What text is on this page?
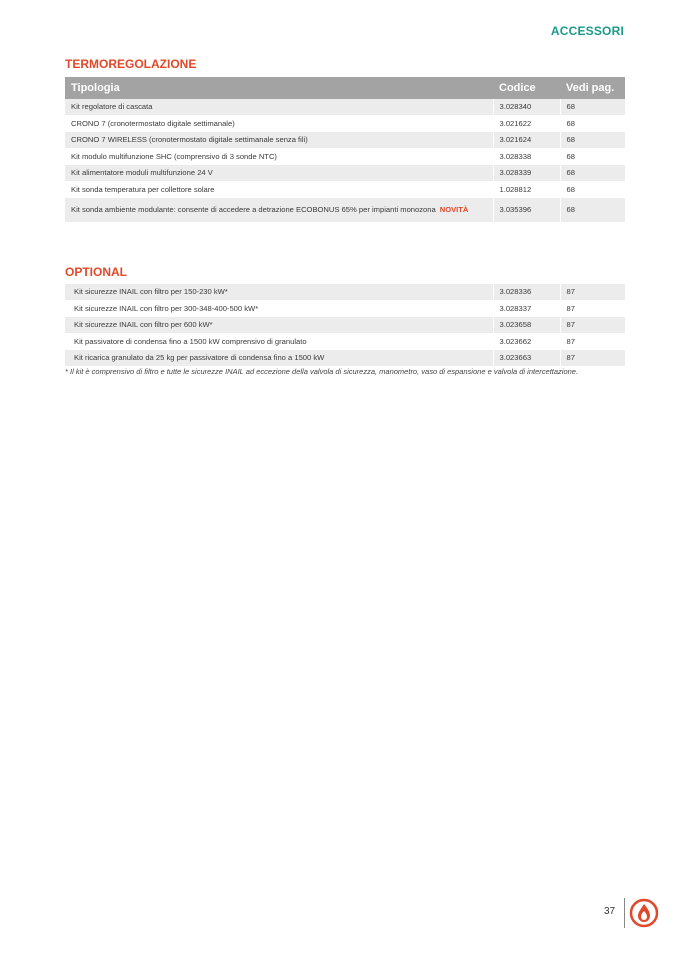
ACCESSORI
TERMOREGOLAZIONE
Tipologia	Codice	Vedi pag.
Kit regolatore di cascata	3.028340	68
CRONO 7 (cronotermostato digitale settimanale)	3.021622	68
CRONO 7 WIRELESS (cronotermostato digitale settimanale senza fili)	3.021624	68
Kit modulo multifunzione SHC (comprensivo di 3 sonde NTC)	3.028338	68
Kit alimentatore moduli multifunzione 24 V	3.028339	68
Kit sonda temperatura per collettore solare	1.028812	68
Kit sonda ambiente modulante: consente di accedere a detrazione ECOBONUS 65% per impianti monozona NOVITÀ	3.035396	68
OPTIONAL
Kit sicurezze INAIL con filtro per 150-230 kW*	3.028336	87
Kit sicurezze INAIL con filtro per 300-348-400-500 kW*	3.028337	87
Kit sicurezze INAIL con filtro per 600 kW*	3.023658	87
Kit passivatore di condensa fino a 1500 kW comprensivo di granulato	3.023662	87
Kit ricarica granulato da 25 kg per passivatore di condensa fino a 1500 kW	3.023663	87
* Il kit è comprensivo di filtro e tutte le sicurezze INAIL ad eccezione della valvola di sicurezza, manometro, vaso di espansione e valvola di intercettazione.
37
